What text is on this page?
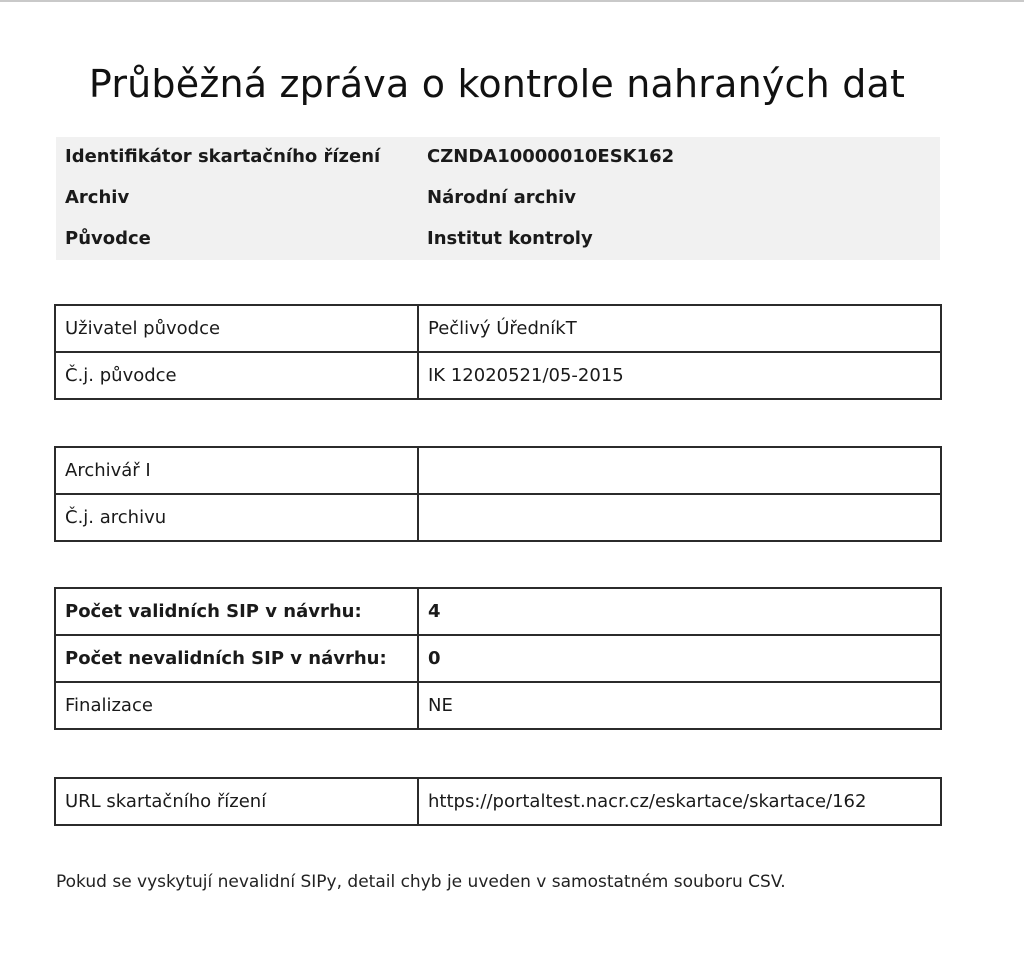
Průběžná zpráva o kontrole nahraných dat
Identifikátor skartačního řízení	CZNDA10000010ESK162
Archiv	Národní archiv
Původce	Institut kontroly
Uživatel původce	Pečlivý ÚředníkT
Č.j. původce	IK 12020521/05-2015
Archivář I	
Č.j. archivu	
Počet validních SIP v návrhu:	4
Počet nevalidních SIP v návrhu:	0
Finalizace	NE
URL skartačního řízení	https://portaltest.nacr.cz/eskartace/skartace/162
Pokud se vyskytují nevalidní SIPy, detail chyb je uveden v samostatném souboru CSV.
